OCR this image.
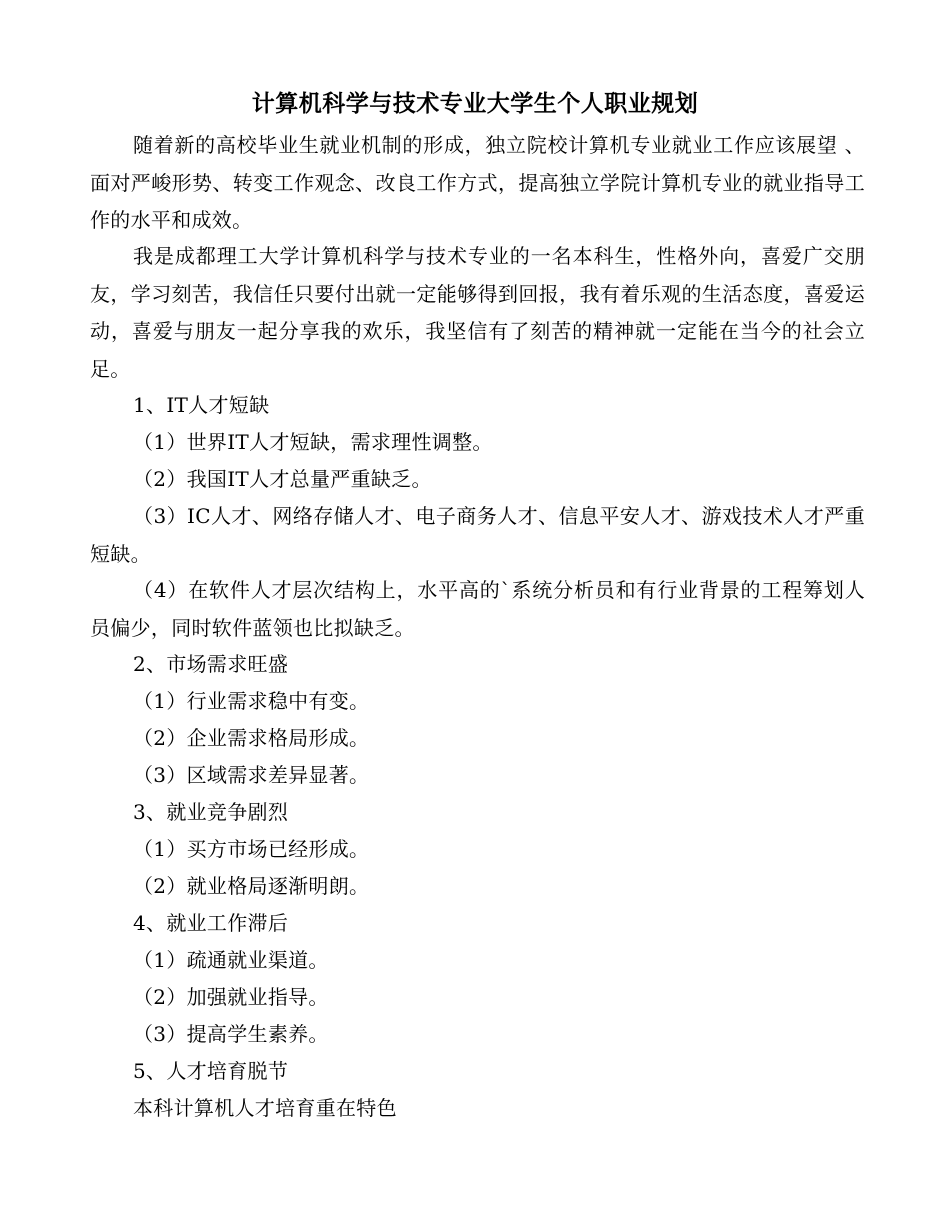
计算机科学与技术专业大学生个人职业规划

随着新的高校毕业生就业机制的形成，独立院校计算机专业就业工作应该展望 、面对严峻形势、转变工作观念、改良工作方式，提高独立学院计算机专业的就业指导工作的水平和成效。

我是成都理工大学计算机科学与技术专业的一名本科生，性格外向，喜爱广交朋友，学习刻苦，我信任只要付出就一定能够得到回报，我有着乐观的生活态度，喜爱运动，喜爱与朋友一起分享我的欢乐，我坚信有了刻苦的精神就一定能在当今的社会立足。

1、IT人才短缺
（1）世界IT人才短缺，需求理性调整。
（2）我国IT人才总量严重缺乏。

（3）IC人才、网络存储人才、电子商务人才、信息平安人才、游戏技术人才严重短缺。

（4）在软件人才层次结构上，水平高的`系统分析员和有行业背景的工程筹划人员偏少，同时软件蓝领也比拟缺乏。

2、市场需求旺盛
（1）行业需求稳中有变。
（2）企业需求格局形成。
（3）区域需求差异显著。
3、就业竞争剧烈
（1）买方市场已经形成。
（2）就业格局逐渐明朗。
4、就业工作滞后
（1）疏通就业渠道。
（2）加强就业指导。
（3）提高学生素养。
5、人才培育脱节
本科计算机人才培育重在特色
